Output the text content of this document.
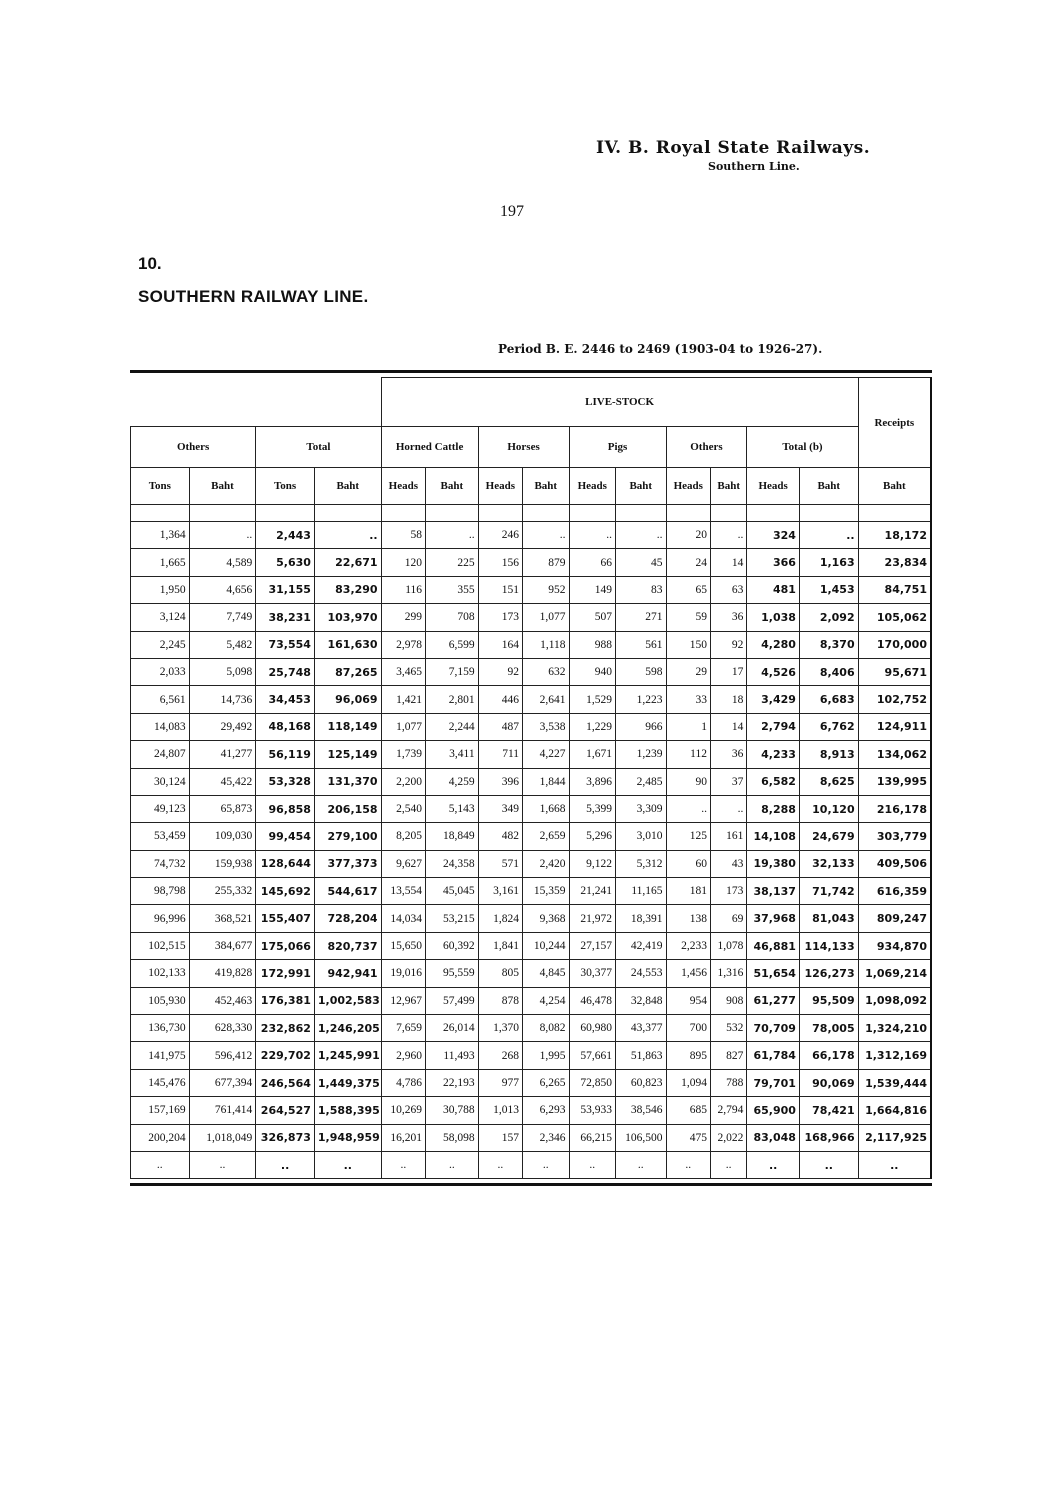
IV. B. Royal State Railways.
Southern Line.
197
10.
SOUTHERN RAILWAY LINE.
Period B. E. 2446 to 2469 (1903-04 to 1926-27).
				LIVE-STOCK										Receipts
Others		Total		Horned Cattle		Horses		Pigs		Others		Total (b)		
Tons	Baht	Tons	Baht	Heads	Baht	Heads	Baht	Heads	Baht	Heads	Baht	Heads	Baht	Baht

1,364	..	2,443	..	58	..	246	..	..	..	20	..	324	..	18,172
1,665	4,589	5,630	22,671	120	225	156	879	66	45	24	14	366	1,163	23,834
1,950	4,656	31,155	83,290	116	355	151	952	149	83	65	63	481	1,453	84,751
3,124	7,749	38,231	103,970	299	708	173	1,077	507	271	59	36	1,038	2,092	105,062
2,245	5,482	73,554	161,630	2,978	6,599	164	1,118	988	561	150	92	4,280	8,370	170,000
2,033	5,098	25,748	87,265	3,465	7,159	92	632	940	598	29	17	4,526	8,406	95,671
6,561	14,736	34,453	96,069	1,421	2,801	446	2,641	1,529	1,223	33	18	3,429	6,683	102,752
14,083	29,492	48,168	118,149	1,077	2,244	487	3,538	1,229	966	1	14	2,794	6,762	124,911
24,807	41,277	56,119	125,149	1,739	3,411	711	4,227	1,671	1,239	112	36	4,233	8,913	134,062
30,124	45,422	53,328	131,370	2,200	4,259	396	1,844	3,896	2,485	90	37	6,582	8,625	139,995
49,123	65,873	96,858	206,158	2,540	5,143	349	1,668	5,399	3,309	..	..	8,288	10,120	216,178
53,459	109,030	99,454	279,100	8,205	18,849	482	2,659	5,296	3,010	125	161	14,108	24,679	303,779
74,732	159,938	128,644	377,373	9,627	24,358	571	2,420	9,122	5,312	60	43	19,380	32,133	409,506
98,798	255,332	145,692	544,617	13,554	45,045	3,161	15,359	21,241	11,165	181	173	38,137	71,742	616,359
96,996	368,521	155,407	728,204	14,034	53,215	1,824	9,368	21,972	18,391	138	69	37,968	81,043	809,247
102,515	384,677	175,066	820,737	15,650	60,392	1,841	10,244	27,157	42,419	2,233	1,078	46,881	114,133	934,870
102,133	419,828	172,991	942,941	19,016	95,559	805	4,845	30,377	24,553	1,456	1,316	51,654	126,273	1,069,214
105,930	452,463	176,381	1,002,583	12,967	57,499	878	4,254	46,478	32,848	954	908	61,277	95,509	1,098,092
136,730	628,330	232,862	1,246,205	7,659	26,014	1,370	8,082	60,980	43,377	700	532	70,709	78,005	1,324,210
141,975	596,412	229,702	1,245,991	2,960	11,493	268	1,995	57,661	51,863	895	827	61,784	66,178	1,312,169
145,476	677,394	246,564	1,449,375	4,786	22,193	977	6,265	72,850	60,823	1,094	788	79,701	90,069	1,539,444
157,169	761,414	264,527	1,588,395	10,269	30,788	1,013	6,293	53,933	38,546	685	2,794	65,900	78,421	1,664,816
200,204	1,018,049	326,873	1,948,959	16,201	58,098	157	2,346	66,215	106,500	475	2,022	83,048	168,966	2,117,925
..	..	..	..	..	..	..	..	..	..	..	..	..	..	..
